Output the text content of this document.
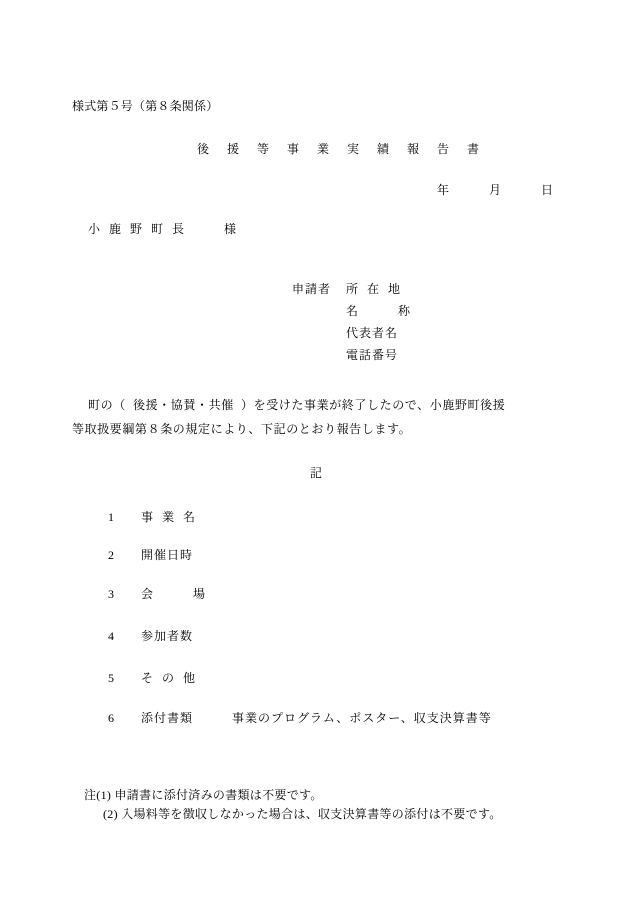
様式第５号（第８条関係）
後　援　等　事　業　実　績　報　告　書
年　　　月　　　日
小  鹿  野  町  長　　　様
申請者 所  在  地
名　　　称
代表者名
電話番号
町の（  後援・協賛・共催  ）を受けた事業が終了したので、小鹿野町後援
等取扱要綱第８条の規定により、下記のとおり報告します。
記
1　　事  業  名
2　　開催日時
3　　会　　　場
4　　参加者数
5　　そ  の  他
6　　添付書類　　　事業のプログラム、ポスター、収支決算書等
注(1) 申請書に添付済みの書類は不要です。
(2) 入場料等を徴収しなかった場合は、収支決算書等の添付は不要です。
